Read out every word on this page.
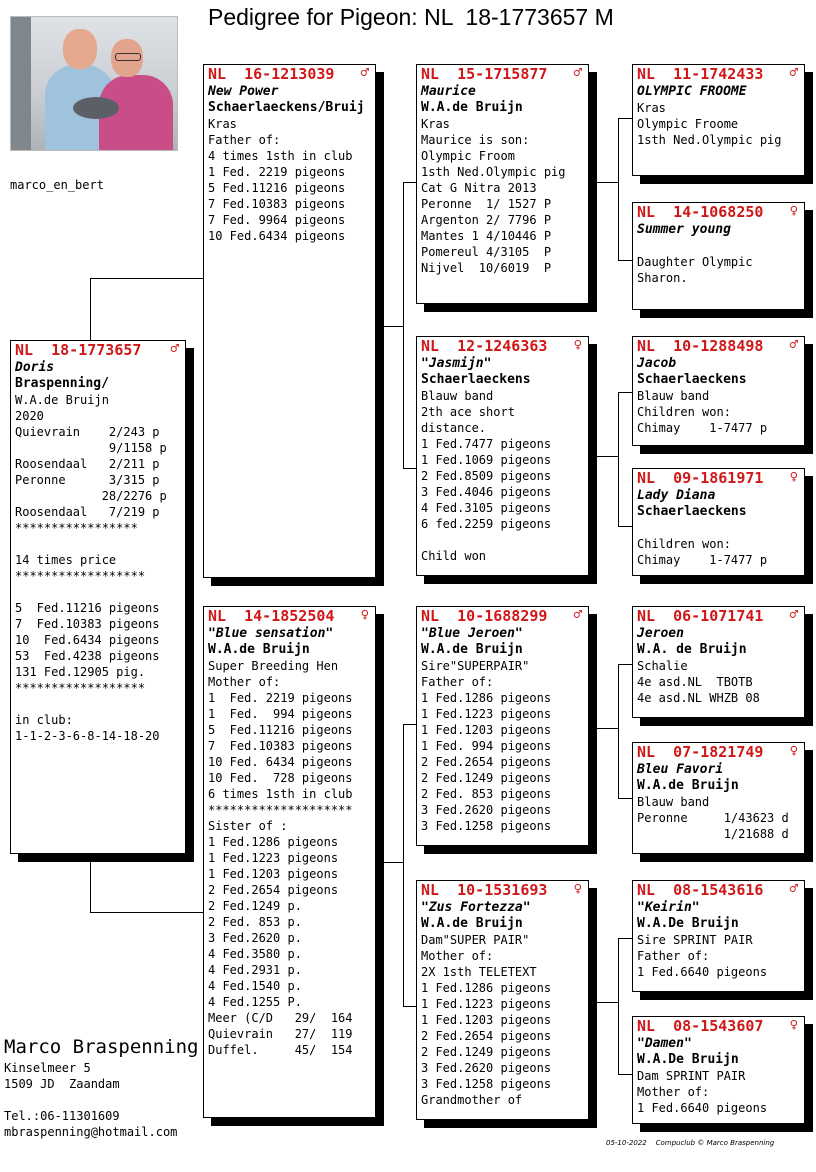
Pedigree for Pigeon: NL  18-1773657 M
marco_en_bert
NL  18-1773657	♂
Doris
Braspenning/
W.A.de Bruijn
2020
Quievrain    2/243 p
9/1158 p
Roosendaal   2/211 p
Peronne      3/315 p
28/2276 p
Roosendaal   7/219 p
*****************

14 times price
******************

5  Fed.11216 pigeons
7  Fed.10383 pigeons
10  Fed.6434 pigeons
53  Fed.4238 pigeons
131 Fed.12905 pig.
******************

in club:
1-1-2-3-6-8-14-18-20
NL  16-1213039	♂
New Power
Schaerlaeckens/Bruij
Kras
Father of:
4 times 1sth in club
1 Fed. 2219 pigeons
5 Fed.11216 pigeons
7 Fed.10383 pigeons
7 Fed. 9964 pigeons
10 Fed.6434 pigeons
NL  14-1852504	♀
"Blue sensation"
W.A.de Bruijn
Super Breeding Hen
Mother of:
1  Fed. 2219 pigeons
1  Fed.  994 pigeons
5  Fed.11216 pigeons
7  Fed.10383 pigeons
10 Fed. 6434 pigeons
10 Fed.  728 pigeons
6 times 1sth in club
********************
Sister of :
1 Fed.1286 pigeons
1 Fed.1223 pigeons
1 Fed.1203 pigeons
2 Fed.2654 pigeons
2 Fed.1249 p.
2 Fed. 853 p.
3 Fed.2620 p.
4 Fed.3580 p.
4 Fed.2931 p.
4 Fed.1540 p.
4 Fed.1255 P.
Meer (C/D   29/  164
Quievrain   27/  119
Duffel.     45/  154
NL  15-1715877	♂
Maurice
W.A.de Bruijn
Kras
Maurice is son:
Olympic Froom
1sth Ned.Olympic pig
Cat G Nitra 2013
Peronne  1/ 1527 P
Argenton 2/ 7796 P
Mantes 1 4/10446 P
Pomereul 4/3105  P
Nijvel  10/6019  P
NL  12-1246363	♀
"Jasmijn"
Schaerlaeckens
Blauw band
2th ace short
distance.
1 Fed.7477 pigeons
1 Fed.1069 pigeons
2 Fed.8509 pigeons
3 Fed.4046 pigeons
4 Fed.3105 pigeons
6 fed.2259 pigeons

Child won
NL  10-1688299	♂
"Blue Jeroen"
W.A.de Bruijn
Sire"SUPERPAIR"
Father of:
1 Fed.1286 pigeons
1 Fed.1223 pigeons
1 Fed.1203 pigeons
1 Fed. 994 pigeons
2 Fed.2654 pigeons
2 Fed.1249 pigeons
2 Fed. 853 pigeons
3 Fed.2620 pigeons
3 Fed.1258 pigeons
NL  10-1531693	♀
"Zus Fortezza"
W.A.de Bruijn
Dam"SUPER PAIR"
Mother of:
2X 1sth TELETEXT
1 Fed.1286 pigeons
1 Fed.1223 pigeons
1 Fed.1203 pigeons
2 Fed.2654 pigeons
2 Fed.1249 pigeons
3 Fed.2620 pigeons
3 Fed.1258 pigeons
Grandmother of
NL  11-1742433	♂
OLYMPIC FROOME
Kras
Olympic Froome
1sth Ned.Olympic pig
NL  14-1068250	♀
Summer young

Daughter Olympic
Sharon.
NL  10-1288498	♂
Jacob
Schaerlaeckens
Blauw band
Children won:
Chimay    1-7477 p
NL  09-1861971	♀
Lady Diana
Schaerlaeckens

Children won:
Chimay    1-7477 p
NL  06-1071741	♂
Jeroen
W.A. de Bruijn
Schalie
4e asd.NL  TBOTB
4e asd.NL WHZB 08
NL  07-1821749	♀
Bleu Favori
W.A.de Bruijn
Blauw band
Peronne     1/43623 d
1/21688 d
NL  08-1543616	♂
"Keirin"
W.A.De Bruijn
Sire SPRINT PAIR
Father of:
1 Fed.6640 pigeons
NL  08-1543607	♀
"Damen"
W.A.De Bruijn
Dam SPRINT PAIR
Mother of:
1 Fed.6640 pigeons
Marco Braspenning
Kinselmeer 5
1509 JD  Zaandam
Tel.:06-11301609
mbraspenning@hotmail.com
05-10-2022    Compuclub © Marco Braspenning
